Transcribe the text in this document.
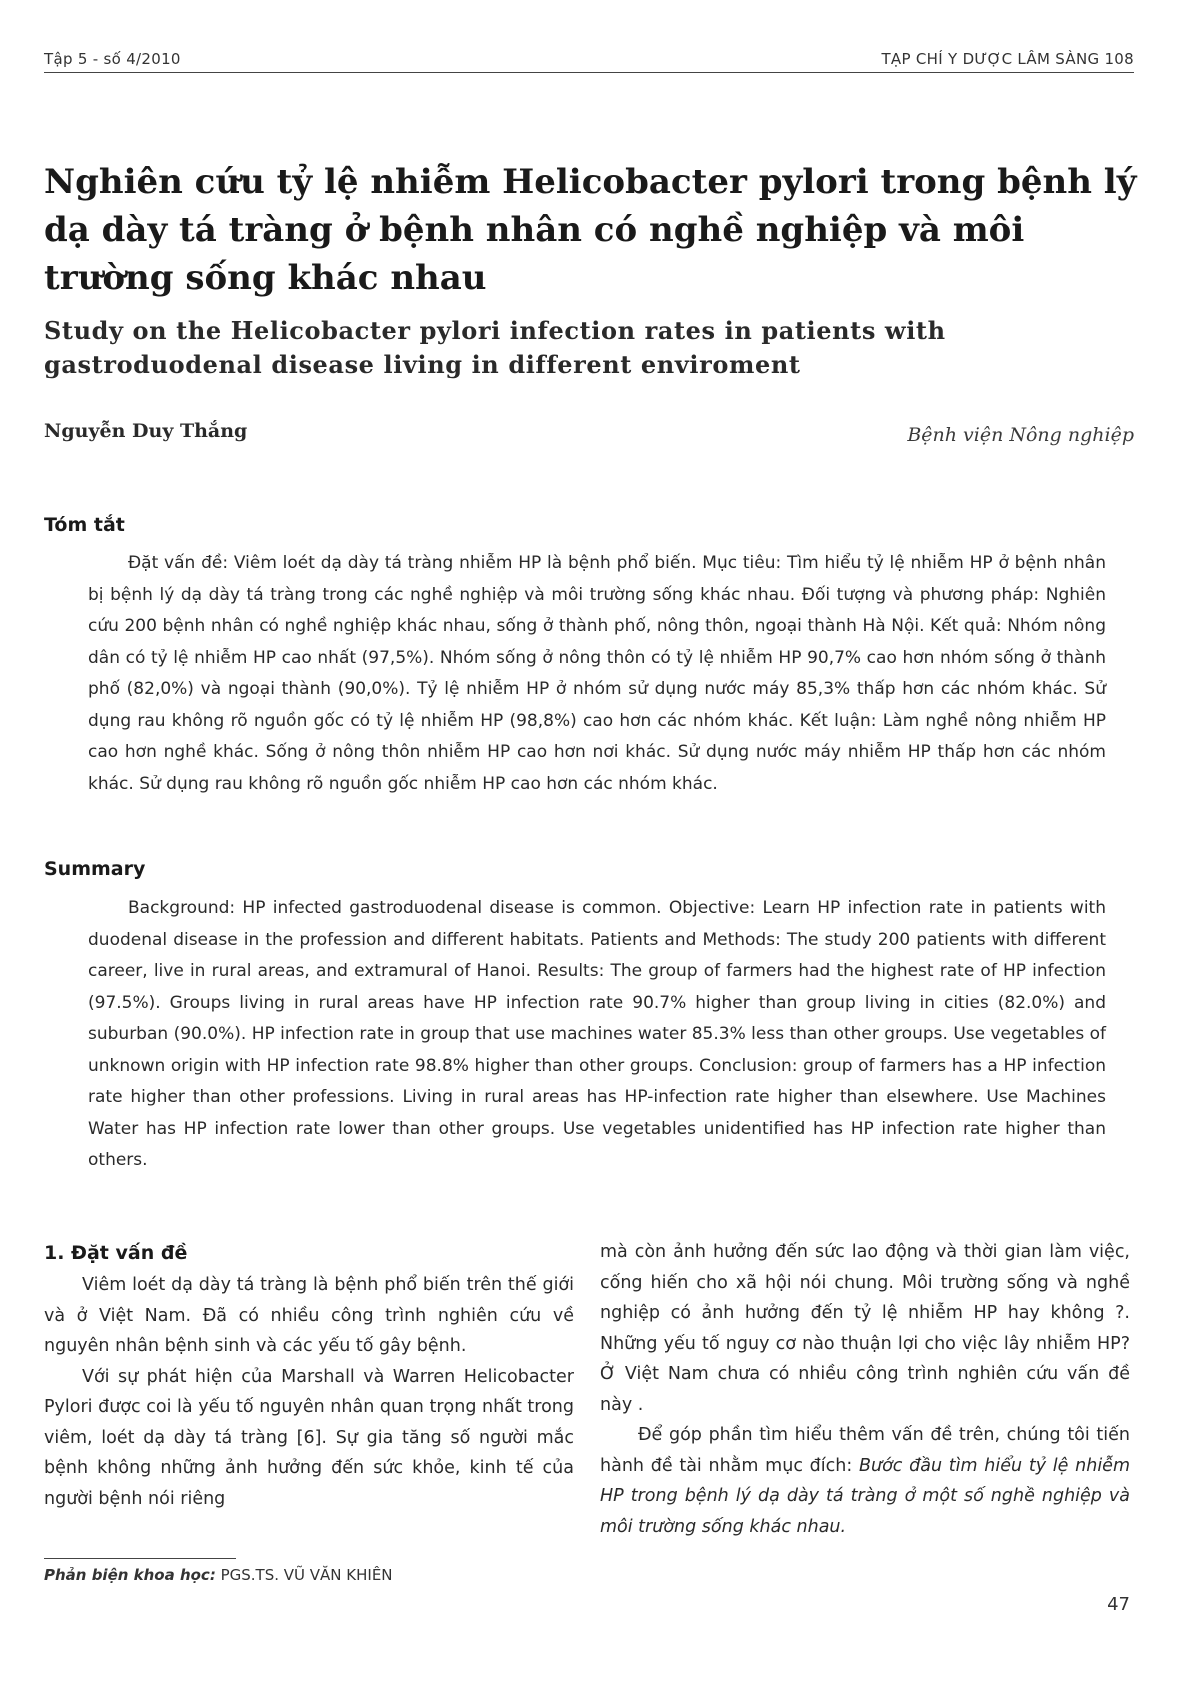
Tập 5 - số 4/2010	TẠP CHÍ Y DƯỢC LÂM SÀNG 108
Nghiên cứu tỷ lệ nhiễm Helicobacter pylori trong bệnh lý dạ dày tá tràng ở bệnh nhân có nghề nghiệp và môi trường sống khác nhau
Study on the Helicobacter pylori infection rates in patients with gastroduodenal disease living in different enviroment
Nguyễn Duy Thắng	Bệnh viện Nông nghiệp
Tóm tắt

Đặt vấn đề: Viêm loét dạ dày tá tràng nhiễm HP là bệnh phổ biến. Mục tiêu: Tìm hiểu tỷ lệ nhiễm HP ở bệnh nhân bị bệnh lý dạ dày tá tràng trong các nghề nghiệp và môi trường sống khác nhau. Đối tượng và phương pháp: Nghiên cứu 200 bệnh nhân có nghề nghiệp khác nhau, sống ở thành phố, nông thôn, ngoại thành Hà Nội. Kết quả: Nhóm nông dân có tỷ lệ nhiễm HP cao nhất (97,5%). Nhóm sống ở nông thôn có tỷ lệ nhiễm HP 90,7% cao hơn nhóm sống ở thành phố (82,0%) và ngoại thành (90,0%). Tỷ lệ nhiễm HP ở nhóm sử dụng nước máy 85,3% thấp hơn các nhóm khác. Sử dụng rau không rõ nguồn gốc có tỷ lệ nhiễm HP (98,8%) cao hơn các nhóm khác. Kết luận: Làm nghề nông nhiễm HP cao hơn nghề khác. Sống ở nông thôn nhiễm HP cao hơn nơi khác. Sử dụng nước máy nhiễm HP thấp hơn các nhóm khác. Sử dụng rau không rõ nguồn gốc nhiễm HP cao hơn các nhóm khác.

Summary

Background: HP infected gastroduodenal disease is common. Objective: Learn HP infection rate in patients with duodenal disease in the profession and different habitats. Patients and Methods: The study 200 patients with different career, live in rural areas, and extramural of Hanoi. Results: The group of farmers had the highest rate of HP infection (97.5%). Groups living in rural areas have HP infection rate 90.7% higher than group living in cities (82.0%) and suburban (90.0%). HP infection rate in group that use machines water 85.3% less than other groups. Use vegetables of unknown origin with HP infection rate 98.8% higher than other groups. Conclusion: group of farmers has a HP infection rate higher than other professions. Living in rural areas has HP-infection rate higher than elsewhere. Use Machines Water has HP infection rate lower than other groups. Use vegetables unidentified has HP infection rate higher than others.

1. Đặt vấn đề

Viêm loét dạ dày tá tràng là bệnh phổ biến trên thế giới và ở Việt Nam. Đã có nhiều công trình nghiên cứu về nguyên nhân bệnh sinh và các yếu tố gây bệnh.

Với sự phát hiện của Marshall và Warren Helicobacter Pylori được coi là yếu tố nguyên nhân quan trọng nhất trong viêm, loét dạ dày tá tràng [6]. Sự gia tăng số người mắc bệnh không những ảnh hưởng đến sức khỏe, kinh tế của người bệnh nói riêng

mà còn ảnh hưởng đến sức lao động và thời gian làm việc, cống hiến cho xã hội nói chung. Môi trường sống và nghề nghiệp có ảnh hưởng đến tỷ lệ nhiễm HP hay không ?. Những yếu tố nguy cơ nào thuận lợi cho việc lây nhiễm HP? Ở Việt Nam chưa có nhiều công trình nghiên cứu vấn đề này .

Để góp phần tìm hiểu thêm vấn đề trên, chúng tôi tiến hành đề tài nhằm mục đích: Bước đầu tìm hiểu tỷ lệ nhiễm HP trong bệnh lý dạ dày tá tràng ở một số nghề nghiệp và môi trường sống khác nhau.

Phản biện khoa học: PGS.TS. VŨ VĂN KHIÊN
47
